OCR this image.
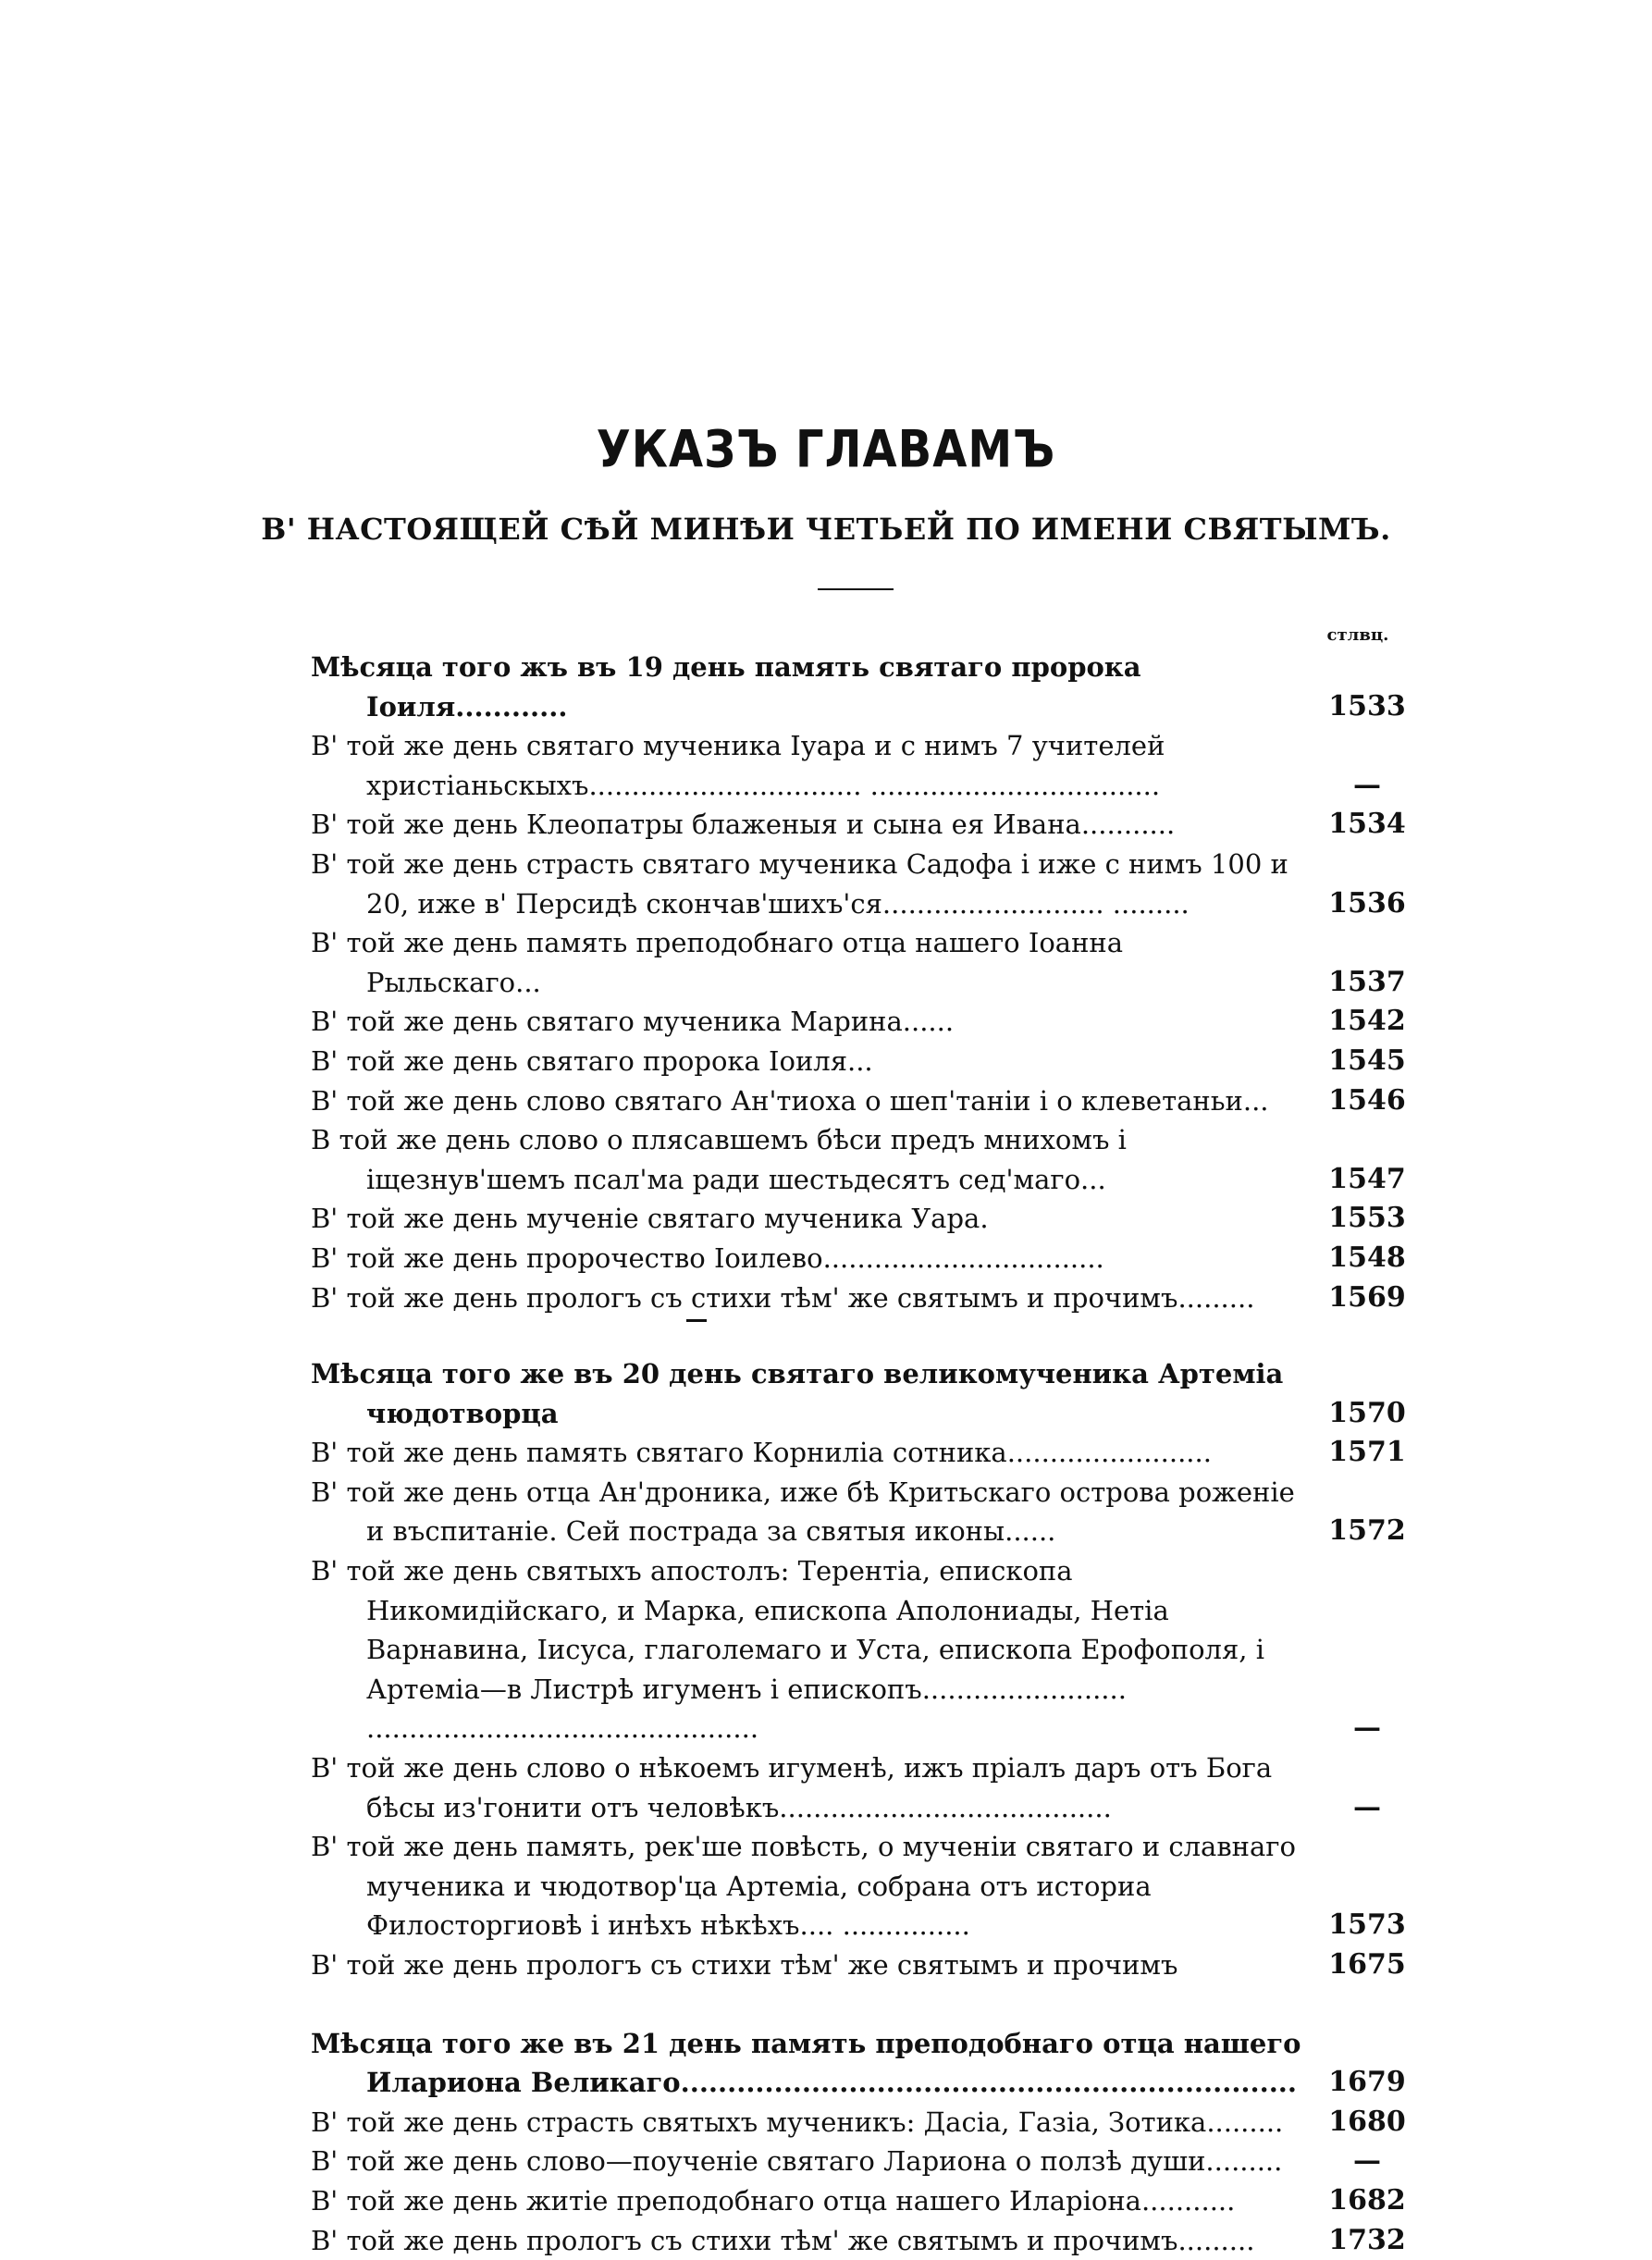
УКАЗЪ ГЛАВАМЪ
В' НАСТОЯЩЕЙ СѢЙ МИНѢИ ЧЕТЬЕЙ ПО ИМЕНИ СВЯТЫМЪ.
стлвц.
Мѣсяца того жъ въ 19 день память святаго пророка Іоиля............	1533
В' той же день святаго мученика Іуара и с нимъ 7 учителей христіаньскыхъ................................ ..................................	—
В' той же день Клеопатры блаженыя и сына ея Ивана...........	1534
В' той же день страсть святаго мученика Садофа і иже с нимъ 100 и 20, иже в' Персидѣ скончав'шихъ'ся.......................... .........	1536
В' той же день память преподобнаго отца нашего Іоанна Рыльскаго...	1537
В' той же день святаго мученика Марина......	1542
В' той же день святаго пророка Іоиля...	1545
В' той же день слово святаго Ан'тиоха о шеп'таніи і о клеветаньи...	1546
В той же день слово о плясавшемъ бѣси предъ мнихомъ і іщезнув'шемъ псал'ма ради шестьдесятъ сед'маго...	1547
В' той же день мученіе святаго мученика Уара.	1553
В' той же день пророчество Іоилево.................................	1548
В' той же день прологъ съ стихи тѣм' же святымъ и прочимъ.........	1569
Мѣсяца того же въ 20 день святаго великомученика Артеміа чюдотворца	1570
В' той же день память святаго Корниліа сотника........................	1571
В' той же день отца Ан'дроника, иже бѣ Критьскаго острова роженіе и въспитаніе. Сей пострада за святыя иконы......	1572
В' той же день святыхъ апостолъ: Терентіа, епископа Никомидійскаго, и Марка, епископа Аполониады, Нетіа Варнавина, Іисуса, глаголемаго и Уста, епископа Ерофополя, і Артеміа—в Листрѣ игуменъ і епископъ........................ ..............................................	—
В' той же день слово о нѣкоемъ игуменѣ, ижъ пріалъ даръ отъ Бога бѣсы из'гонити отъ человѣкъ.......................................	—
В' той же день память, рек'ше повѣсть, о мученіи святаго и славнаго мученика и чюдотвор'ца Артеміа, собрана отъ историа Филосторгиовѣ і инѣхъ нѣкѣхъ.... ...............	1573
В' той же день прологъ съ стихи тѣм' же святымъ и прочимъ	1675
Мѣсяца того же въ 21 день память преподобнаго отца нашего Илариона Великаго..................................................................	1679
В' той же день страсть святыхъ мученикъ: Дасіа, Газіа, Зотика.........	1680
В' той же день слово—поученіе святаго Лариона о ползѣ души.........	—
В' той же день житіе преподобнаго отца нашего Иларіона...........	1682
В' той же день прологъ съ стихи тѣм' же святымъ и прочимъ.........	1732
